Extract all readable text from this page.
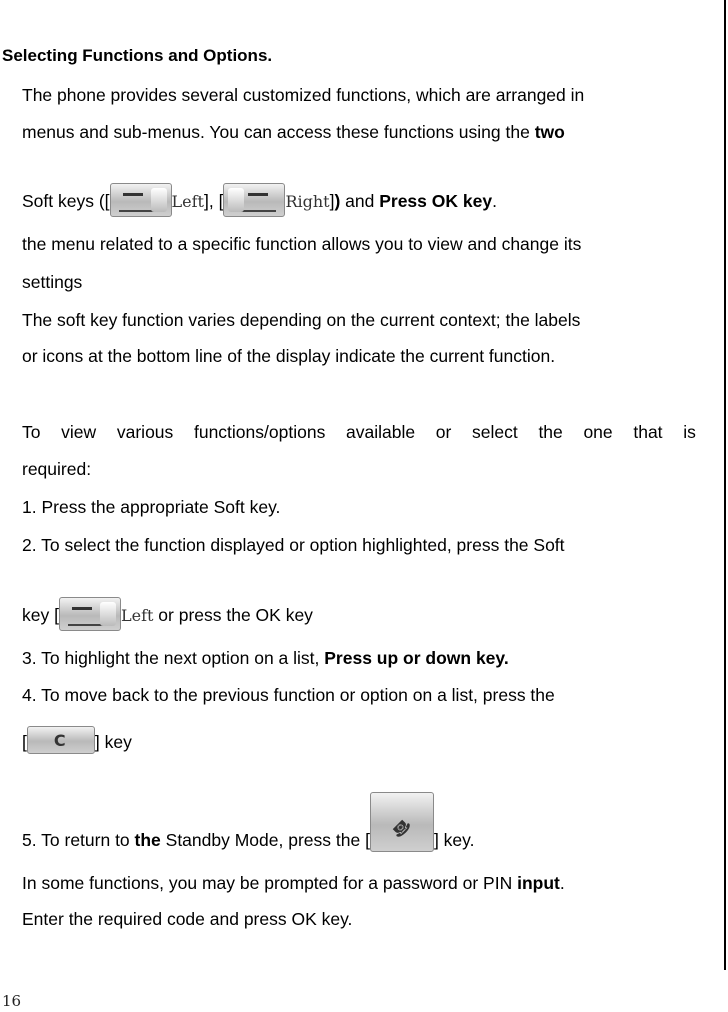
Selecting Functions and Options.
The phone provides several customized functions, which are arranged in
menus and sub-menus. You can access these functions using the two
Soft keys ([	Left], [	Right]) and Press OK key.
the menu related to a specific function allows you to view and change its
settings
The soft key function varies depending on the current context; the labels
or icons at the bottom line of the display indicate the current function.
To view various functions/options available or select the one that is
required:
1. Press the appropriate Soft key.
2. To select the function displayed or option highlighted, press the Soft
key [	Left or press the OK key
3. To highlight the next option on a list, Press up or down key.
4. To move back to the previous function or option on a list, press the
[ C ] key
5. To return to the Standby Mode, press the [ ☎ ] key.
In some functions, you may be prompted for a password or PIN input.
Enter the required code and press OK key.
16
